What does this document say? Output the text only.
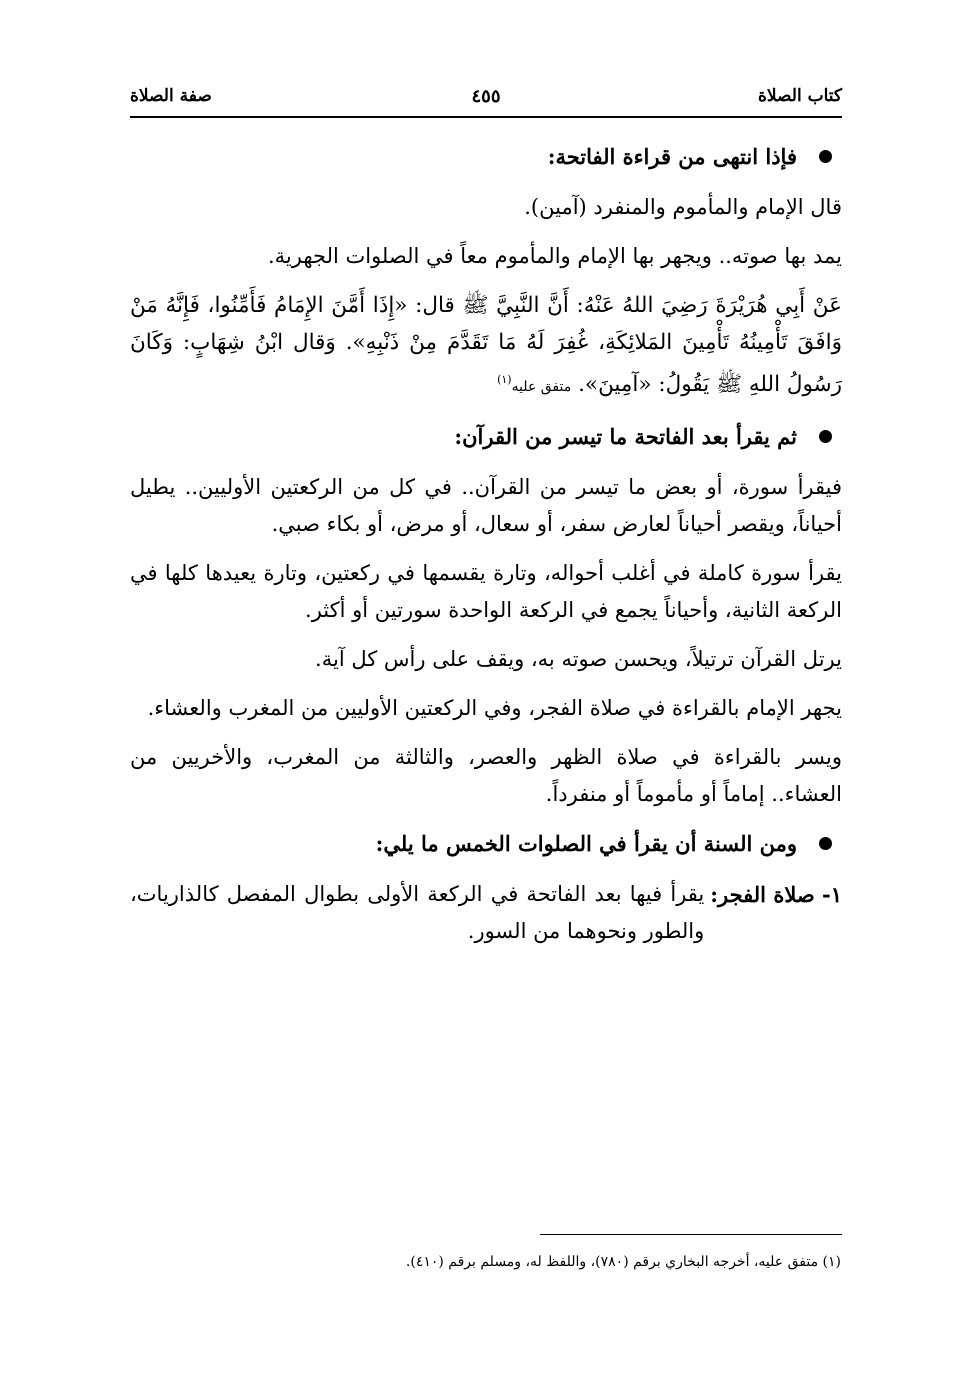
كتاب الصلاة
٤٥٥
صفة الصلاة
فإذا انتهى من قراءة الفاتحة:

قال الإمام والمأموم والمنفرد (آمين).

يمد بها صوته.. ويجهر بها الإمام والمأموم معاً في الصلوات الجهرية.

عَنْ أَبِي هُرَيْرَةَ رَضِيَ اللهُ عَنْهُ: أَنَّ النَّبِيَّ ﷺ قال: «إِذَا أَمَّنَ الإِمَامُ فَأَمِّنُوا، فَإِنَّهُ مَنْ وَافَقَ تَأْمِينُهُ تَأْمِينَ المَلائِكَةِ، غُفِرَ لَهُ مَا تَقَدَّمَ مِنْ ذَنْبِهِ». وَقال ابْنُ شِهَابٍ: وَكَانَ رَسُولُ اللهِ ﷺ يَقُولُ: «آمِينَ». متفق عليه$^{(١)}$

ثم يقرأ بعد الفاتحة ما تيسر من القرآن:

فيقرأ سورة، أو بعض ما تيسر من القرآن.. في كل من الركعتين الأوليين.. يطيل أحياناً، ويقصر أحياناً لعارض سفر، أو سعال، أو مرض، أو بكاء صبي.

يقرأ سورة كاملة في أغلب أحواله، وتارة يقسمها في ركعتين، وتارة يعيدها كلها في الركعة الثانية، وأحياناً يجمع في الركعة الواحدة سورتين أو أكثر.

يرتل القرآن ترتيلاً، ويحسن صوته به، ويقف على رأس كل آية.

يجهر الإمام بالقراءة في صلاة الفجر، وفي الركعتين الأوليين من المغرب والعشاء.

ويسر بالقراءة في صلاة الظهر والعصر، والثالثة من المغرب، والأخريين من العشاء.. إماماً أو مأموماً أو منفرداً.

ومن السنة أن يقرأ في الصلوات الخمس ما يلي:
١- صلاة الفجر:
يقرأ فيها بعد الفاتحة في الركعة الأولى بطوال المفصل كالذاريات، والطور ونحوهما من السور.
(١) متفق عليه، أخرجه البخاري برقم (٧٨٠)، واللفظ له، ومسلم برقم (٤١٠).
